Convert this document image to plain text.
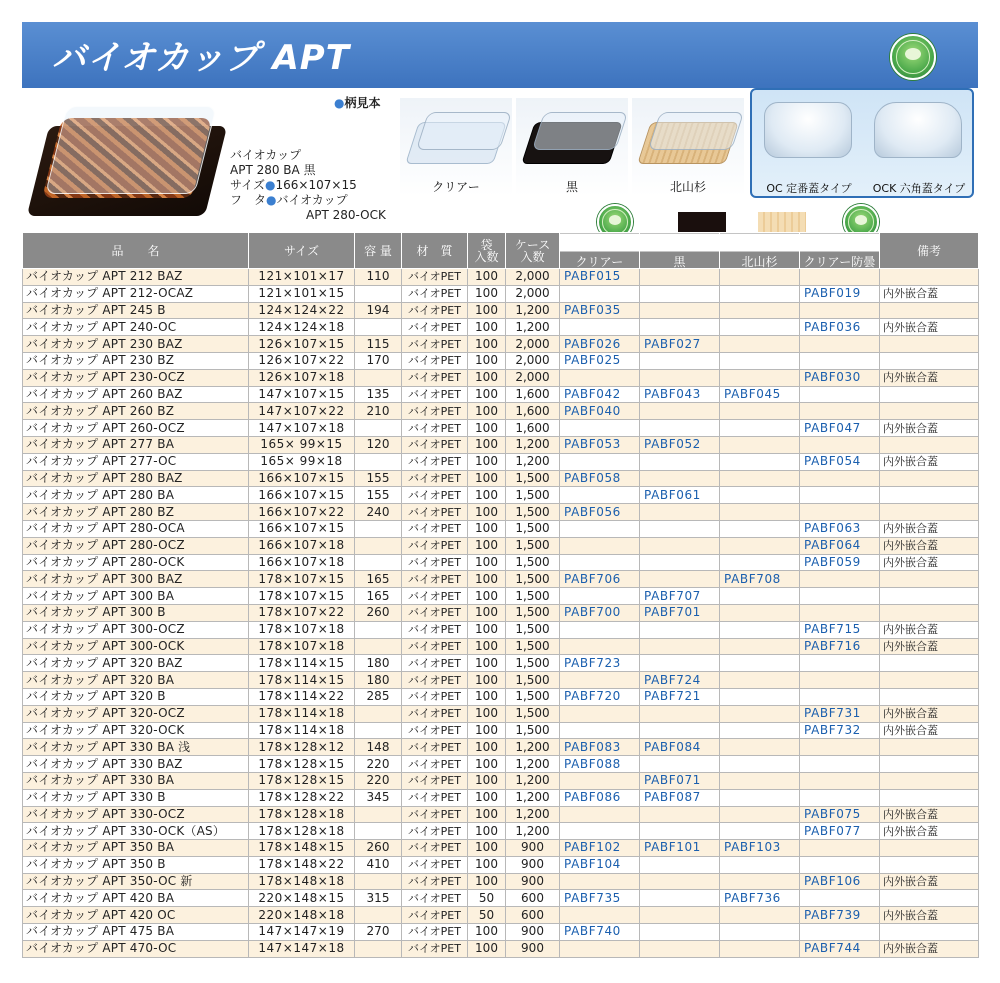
バイオカップ APT
バイオカップ
APT 280 BA 黒
サイズ●166×107×15
フ　タ●バイオカップ
APT 280-OCK
●柄見本
クリアー	黒	北山杉	OC 定番蓋タイプ	OCK 六角蓋タイプ
品　　名	サイズ	容 量	材　質	袋
入数	ケース
入数	クリアー	黒	北山杉	クリアー防曇	備考
バイオカップ APT 212 BAZ	121×101×17	110	バイオPET	100	2,000	PABF015				
バイオカップ APT 212-OCAZ	121×101×15		バイオPET	100	2,000				PABF019	内外嵌合蓋
バイオカップ APT 245 B	124×124×22	194	バイオPET	100	1,200	PABF035				
バイオカップ APT 240-OC	124×124×18		バイオPET	100	1,200				PABF036	内外嵌合蓋
バイオカップ APT 230 BAZ	126×107×15	115	バイオPET	100	2,000	PABF026	PABF027			
バイオカップ APT 230 BZ	126×107×22	170	バイオPET	100	2,000	PABF025				
バイオカップ APT 230-OCZ	126×107×18		バイオPET	100	2,000				PABF030	内外嵌合蓋
バイオカップ APT 260 BAZ	147×107×15	135	バイオPET	100	1,600	PABF042	PABF043	PABF045		
バイオカップ APT 260 BZ	147×107×22	210	バイオPET	100	1,600	PABF040				
バイオカップ APT 260-OCZ	147×107×18		バイオPET	100	1,600				PABF047	内外嵌合蓋
バイオカップ APT 277 BA	165× 99×15	120	バイオPET	100	1,200	PABF053	PABF052			
バイオカップ APT 277-OC	165× 99×18		バイオPET	100	1,200				PABF054	内外嵌合蓋
バイオカップ APT 280 BAZ	166×107×15	155	バイオPET	100	1,500	PABF058				
バイオカップ APT 280 BA	166×107×15	155	バイオPET	100	1,500		PABF061			
バイオカップ APT 280 BZ	166×107×22	240	バイオPET	100	1,500	PABF056				
バイオカップ APT 280-OCA	166×107×15		バイオPET	100	1,500				PABF063	内外嵌合蓋
バイオカップ APT 280-OCZ	166×107×18		バイオPET	100	1,500				PABF064	内外嵌合蓋
バイオカップ APT 280-OCK	166×107×18		バイオPET	100	1,500				PABF059	内外嵌合蓋
バイオカップ APT 300 BAZ	178×107×15	165	バイオPET	100	1,500	PABF706		PABF708		
バイオカップ APT 300 BA	178×107×15	165	バイオPET	100	1,500		PABF707			
バイオカップ APT 300 B	178×107×22	260	バイオPET	100	1,500	PABF700	PABF701			
バイオカップ APT 300-OCZ	178×107×18		バイオPET	100	1,500				PABF715	内外嵌合蓋
バイオカップ APT 300-OCK	178×107×18		バイオPET	100	1,500				PABF716	内外嵌合蓋
バイオカップ APT 320 BAZ	178×114×15	180	バイオPET	100	1,500	PABF723				
バイオカップ APT 320 BA	178×114×15	180	バイオPET	100	1,500		PABF724			
バイオカップ APT 320 B	178×114×22	285	バイオPET	100	1,500	PABF720	PABF721			
バイオカップ APT 320-OCZ	178×114×18		バイオPET	100	1,500				PABF731	内外嵌合蓋
バイオカップ APT 320-OCK	178×114×18		バイオPET	100	1,500				PABF732	内外嵌合蓋
バイオカップ APT 330 BA 浅	178×128×12	148	バイオPET	100	1,200	PABF083	PABF084			
バイオカップ APT 330 BAZ	178×128×15	220	バイオPET	100	1,200	PABF088				
バイオカップ APT 330 BA	178×128×15	220	バイオPET	100	1,200		PABF071			
バイオカップ APT 330 B	178×128×22	345	バイオPET	100	1,200	PABF086	PABF087			
バイオカップ APT 330-OCZ	178×128×18		バイオPET	100	1,200				PABF075	内外嵌合蓋
バイオカップ APT 330-OCK（AS）	178×128×18		バイオPET	100	1,200				PABF077	内外嵌合蓋
バイオカップ APT 350 BA	178×148×15	260	バイオPET	100	900	PABF102	PABF101	PABF103		
バイオカップ APT 350 B	178×148×22	410	バイオPET	100	900	PABF104				
バイオカップ APT 350-OC 新	178×148×18		バイオPET	100	900				PABF106	内外嵌合蓋
バイオカップ APT 420 BA	220×148×15	315	バイオPET	50	600	PABF735		PABF736		
バイオカップ APT 420 OC	220×148×18		バイオPET	50	600				PABF739	内外嵌合蓋
バイオカップ APT 475 BA	147×147×19	270	バイオPET	100	900	PABF740				
バイオカップ APT 470-OC	147×147×18		バイオPET	100	900				PABF744	内外嵌合蓋
